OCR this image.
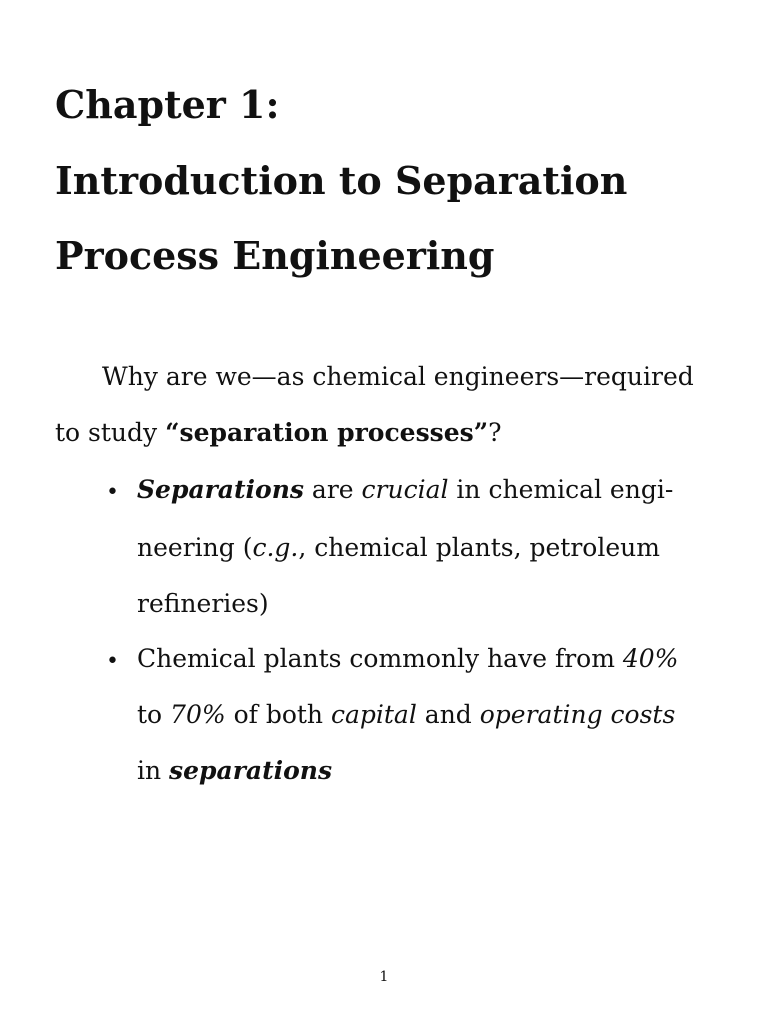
Chapter 1:
Introduction to Separation
Process Engineering

Why are we—as chemical engineers—required

to study “separation processes”?

• Separations are crucial in chemical engi-

neering (c.g., chemical plants, petroleum

refineries)

• Chemical plants commonly have from 40%

to 70% of both capital and operating costs

in separations

1
